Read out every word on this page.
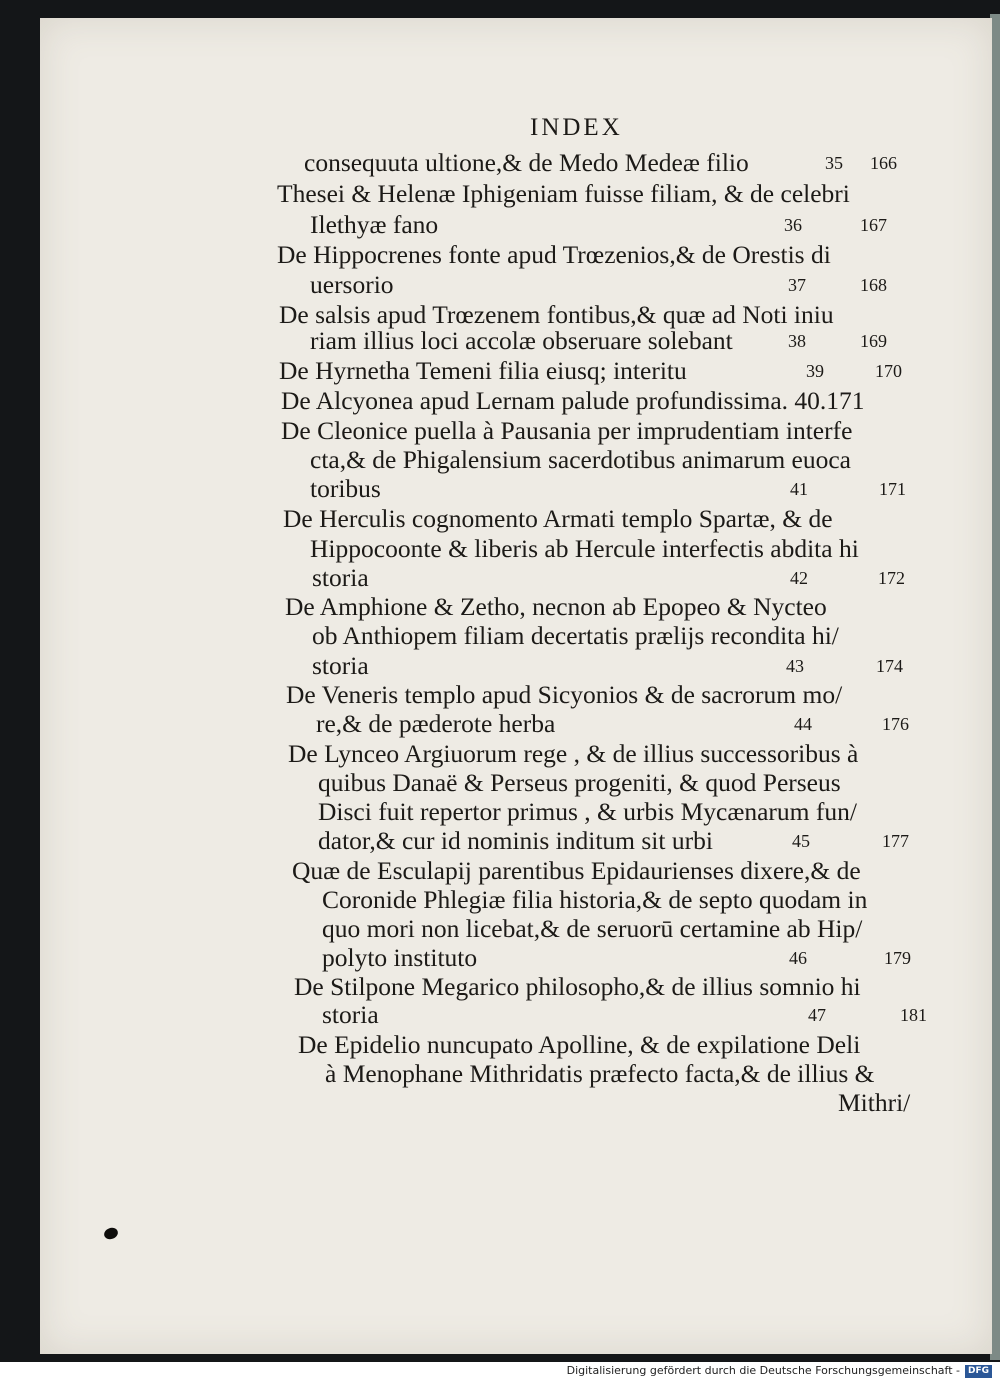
INDEX
consequuta ultione,& de Medo Medeæ filio	35 166
Thesei & Helenæ Iphigeniam fuisse filiam, & de celebri
Ilethyæ fano	36	167
De Hippocrenes fonte apud Trœzenios,& de Orestis di
uersorio	37	168
De salsis apud Trœzenem fontibus,& quæ ad Noti iniu
riam illius loci accolæ obseruare solebant	38	169
De Hyrnetha Temeni filia eiusq; interitu	39	170
De Alcyonea apud Lernam palude profundissima. 40.171
De Cleonice puella à Pausania per imprudentiam interfe
cta,& de Phigalensium sacerdotibus animarum euoca
toribus	41	171
De Herculis cognomento Armati templo Spartæ, & de
Hippocoonte & liberis ab Hercule interfectis abdita hi
storia	42	172
De Amphione & Zetho, necnon ab Epopeo & Nycteo
ob Anthiopem filiam decertatis prælijs recondita hi/
storia	43	174
De Veneris templo apud Sicyonios & de sacrorum mo/
re,& de pæderote herba	44	176
De Lynceo Argiuorum rege , & de illius successoribus à
quibus Danaë & Perseus progeniti, & quod Perseus
Disci fuit repertor primus , & urbis Mycænarum fun/
dator,& cur id nominis inditum sit urbi	45	177
Quæ de Esculapij parentibus Epidaurienses dixere,& de
Coronide Phlegiæ filia historia,& de septo quodam in
quo mori non licebat,& de seruorū certamine ab Hip/
polyto instituto	46	179
De Stilpone Megarico philosopho,& de illius somnio hi
storia	47	181
De Epidelio nuncupato Apolline, & de expilatione Deli
à Menophane Mithridatis præfecto facta,& de illius &
Mithri/
Digitalisierung gefördert durch die Deutsche Forschungsgemeinschaft - DFG
